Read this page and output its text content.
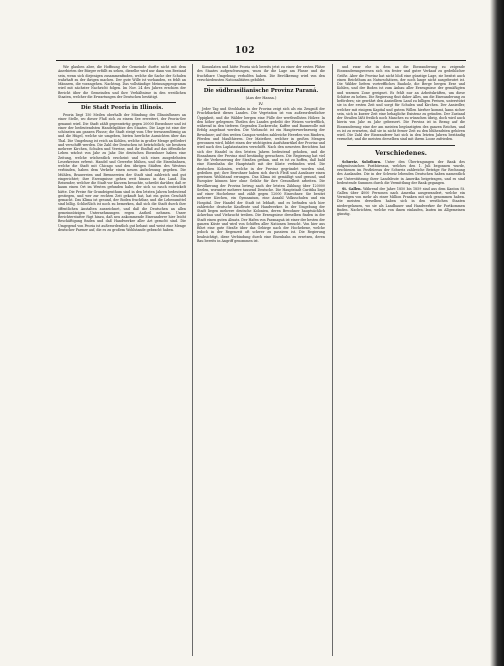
102

Wir glauben aber, die Hoffnung der Gemeinde durfte nicht mit dem Anerbieten der Bürger erfüllt zu sehen, dieselbe wird nur dann von Bestand sein, wenn sich diejenigen zusammenfinden, welche die Sache der Schulen wahrhaft zu der ihrigen machen. Der gute Wille ist vorhanden, es fehlt an Männern, die vorangehen. Nachtrag. Das vollständige Meinungsprogramm wird mit nächster Nachricht folgen. Im Nov. 24 des Jahres erschien der Bericht über die Gemeinden und ihre Verhältnisse in den westlichen Staaten, welcher die Erwartungen der Deutschen bestätigt.

Die Stadt Peoria in Illinois.

Peoria liegt 150 Meilen oberhalb der Mündung des Illinoisflusses an einer Stelle, wo dieser Fluß sich zu einem See erweitert, der Peoria-See genannt wird. Die Stadt zählt gegenwärtig gegen 20000 Einwohner und ist einer der bedeutendsten Handelsplätze des Staates. Die Lage ist eine der schönsten am ganzen Flusse; die Stadt steigt vom Ufer terrassenförmig an und die Hügel, welche sie umgeben, bieten herrliche Aussichten über das Thal. Die Umgebung ist reich an Kohlen, welche in großer Menge gefördert und verschifft werden. Die Zahl der Deutschen ist beträchtlich; sie besitzen mehrere Kirchen, Schulen und Vereine, und ihr Einfluß auf das öffentliche Leben wächst von Jahr zu Jahr. Die deutschen Einwohner haben eine Zeitung, welche wöchentlich erscheint und sich eines ausgedehnten Leserkreises erfreut. Handel und Gewerbe blühen, und die Eisenbahnen, welche die Stadt mit Chicago und den übrigen Städten des Westens verbinden, haben dem Verkehr einen neuen Aufschwung gegeben. Die Mühlen, Brauereien und Brennereien der Stadt sind zahlreich und gut eingerichtet; ihre Erzeugnisse gehen weit hinaus in das Land. Ein Reisender, welcher die Stadt vor Kurzem besuchte, schreibt darüber, daß er kaum einen Ort im Westen gefunden habe, der sich so rasch entwickelt hätte. Die Preise für Grundeigenthum sind in den letzten Jahren bedeutend gestiegen, und wer zur rechten Zeit gekauft hat, hat ein gutes Geschäft gemacht. Das Klima ist gesund, der Boden fruchtbar, und die Lebensmittel sind billig. Schließlich ist noch zu bemerken, daß sich die Stadt durch ihre öffentlichen Anstalten auszeichnet, und daß die Deutschen an allen gemeinnützigen Unternehmungen regen Antheil nehmen. Unser Berichterstatter fügt hinzu, daß neu ankommende Einwanderer hier leicht Beschäftigung finden und daß Handwerker aller Art gesucht sind. Die Umgegend von Peoria ist außerordentlich gut bebaut und weist eine Menge deutscher Farmer auf, die es zu großem Wohlstande gebracht haben.

Konsulaten und hätte Peoria sich bereits jetzt zu einer der ersten Plätze des Staates aufgeschwungen, wozu ihr die Lage am Flusse und die fruchtbare Umgebung verholfen haben. Die Bevölkerung wird von den verschiedensten Nationalitäten gebildet.

Die südbrasilianische Provinz Paraná.
(Aus der Hansa.)
IV.

Jeder Tag und Strohhalm in der Provinz zeigt sich als ein Zeugniß der Fruchtbarkeit dieses Landes. Die Vegetation ist von außerordentlicher Üppigkeit, und die Wälder bergen eine Fülle der werthvollsten Hölzer. In den höher gelegenen Theilen des Landes gedeiht der Weizen vortrefflich, während in den tieferen Gegenden Zuckerrohr, Kaffee und Baumwolle mit Erfolg angebaut werden. Die Viehzucht ist ein Haupterwerbszweig der Bewohner; auf den weiten Campos weiden zahlreiche Heerden von Rindern, Pferden und Maulthieren. Der Matethee, welcher in großen Mengen gewonnen wird, bildet einen der wichtigsten Ausfuhrartikel der Provinz und wird nach den Laplatastaaten verschifft. Nach den neuesten Berichten hat sich der Handel in den letzten Jahren bedeutend gehoben, und die Einnahmen der Provinz sind beständig gewachsen. Die Regierung hat viel für die Verbesserung der Straßen gethan, und es ist zu hoffen, daß bald eine Eisenbahn die Hauptstadt mit der Küste verbinden wird. Die deutschen Kolonien, welche in der Provinz gegründet worden sind, gedeihen gut; ihre Bewohner haben sich durch Fleiß und Ausdauer einen gewissen Wohlstand errungen. Das Klima ist gemäßigt und gesund, und Europäer können hier ohne Gefahr für ihre Gesundheit arbeiten. Die Bevölkerung der Provinz betrug nach der letzten Zählung über 120000 Seelen, worunter mehrere tausend Deutsche. Die Hauptstadt Curitiba liegt auf einer Hochebene und zählt gegen 12000 Einwohner. Sie besitzt mehrere Kirchen, ein Gymnasium, eine Anzahl Volksschulen und ein Hospital. Der Handel der Stadt ist lebhaft, und es befinden sich hier zahlreiche deutsche Kaufleute und Handwerker. In der Umgebung der Stadt liegen mehrere deutsche Kolonien, deren Bewohner hauptsächlich Ackerbau und Viehzucht treiben. Die Erzeugnisse derselben finden in der Stadt einen guten Absatz. Der Hafen von Paranaguá ist einer der besten der ganzen Küste und wird von Schiffen aller Nationen besucht. Von hier aus führt eine gute Straße über das Gebirge nach der Hochebene, welche jedoch in der Regenzeit oft schwer zu passiren ist. Die Regierung beabsichtigt, diese Verbindung durch eine Eisenbahn zu ersetzen, deren Bau bereits in Angriff genommen ist.

und zwar ehe in dem an die Einwanderung zu zeigende Einwanderungswesen sich ein fester und guter Verkauf zu gedeihlicher Größe. Aber die Provinz hat nicht bloß eine günstige Lage, sie besitzt auch einen Reichthum an Naturschätzen, der noch lange nicht ausgebeutet ist. Die Wälder liefern vortreffliches Bauholz, die Berge bergen Erze und Kohlen, und der Boden ist zum Anbau aller Erzeugnisse der gemäßigten und warmen Zone geeignet. Es fehlt nur an Arbeitskräften, um diese Schätze zu heben. Die Regierung thut daher Alles, um die Einwanderung zu befördern; sie gewährt den Ansiedlern Land zu billigen Preisen, unterstützt sie in der ersten Zeit und sorgt für Schulen und Kirchen. Der Ansiedler, welcher mit einigem Kapital und gutem Willen hierher kommt, kann sicher sein, sich in kurzer Zeit eine behagliche Existenz zu gründen. Der Zustand der Straßen läßt freilich noch Manches zu wünschen übrig, doch wird auch hierin von Jahr zu Jahr gebessert. Die Provinz ist in Bezug auf die Einwanderung eine der am meisten begünstigten des ganzen Reiches, und es ist zu erwarten, daß sie in nicht ferner Zeit zu den blühendsten gehören wird. Die Zahl der Einwanderer hat sich in den letzten Jahren beständig vermehrt, und die meisten derselben sind mit ihrem Loose zufrieden.

Verschiedenes.
Schweiz. Solothurn. Unter den Übertragungen der Bank des eidgenössischen Postbüreaus, welches den 1. Juli begonnen wurde, erschienen im Postbüreau der Schweiz zahlreiche Beträge für Rechnung des Auslandes. Die in der Schweiz lebenden Deutschen haben namentlich zur Unterstützung ihrer Landsleute in Amerika beigetragen, und es sind bedeutende Summen durch die Vermittlung der Bank gegangen.
St. Gallen. Während der Jahre 1850 bis 1859 sind aus dem Kanton St. Gallen über 4000 Personen nach Amerika ausgewandert, welche ein Vermögen von mehr als einer Million Franken mit sich genommen haben. Die meisten derselben haben sich in den westlichen Staaten niedergelassen, wo sie als Landbauer und Handwerker ihr Fortkommen finden. Nachrichten, welche von ihnen einlaufen, lauten im Allgemeinen günstig.
